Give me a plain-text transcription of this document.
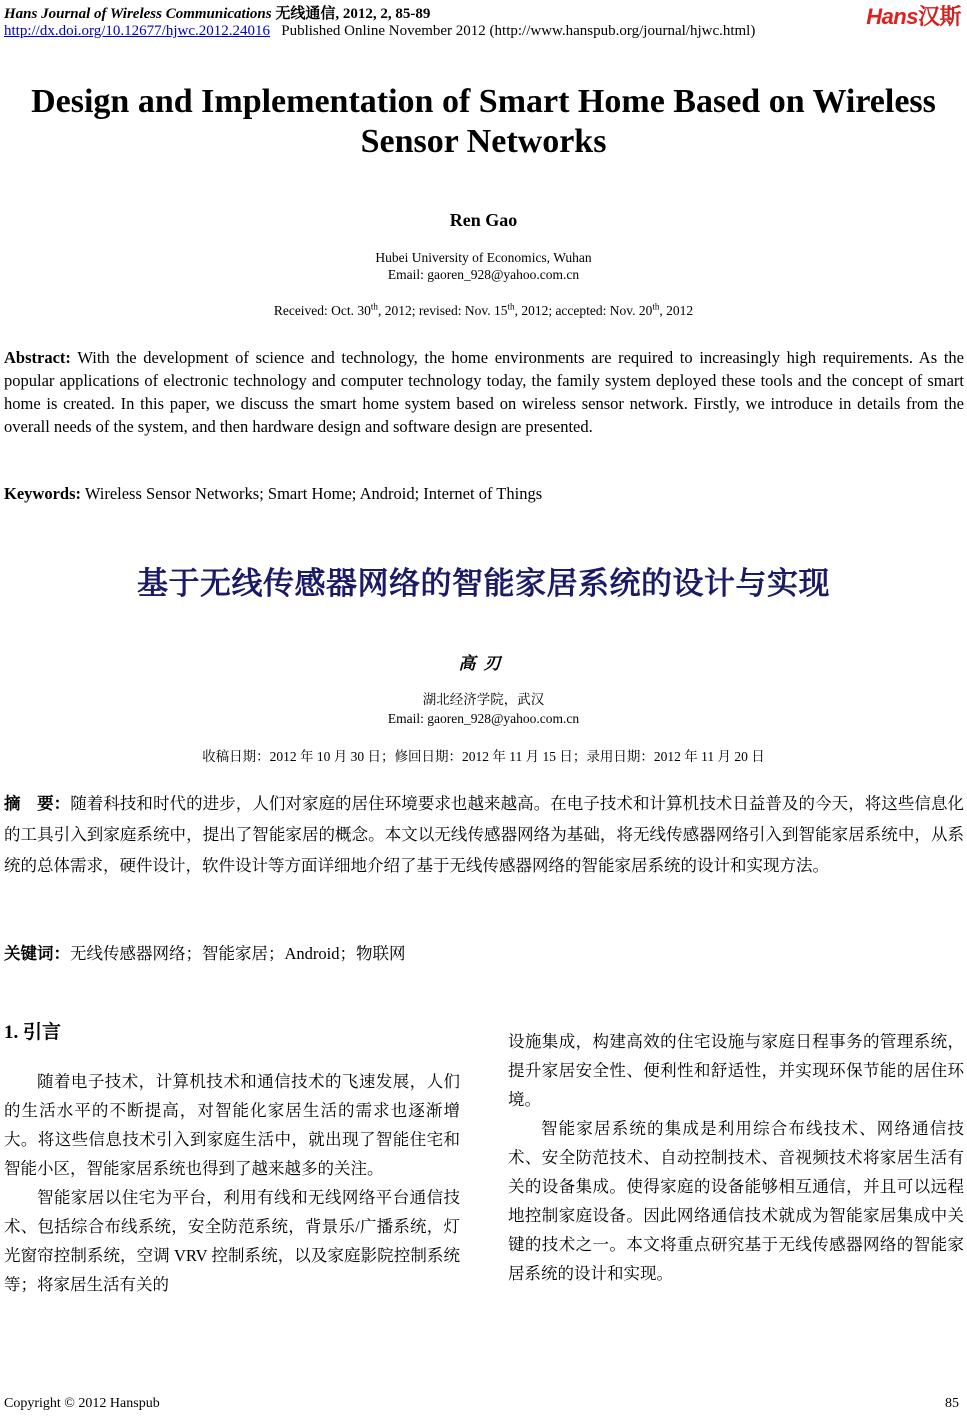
Hans Journal of Wireless Communications 无线通信, 2012, 2, 85-89
http://dx.doi.org/10.12677/hjwc.2012.24016 Published Online November 2012 (http://www.hanspub.org/journal/hjwc.html)
Hans汉斯
Design and Implementation of Smart Home Based on Wireless
Sensor Networks
Ren Gao
Hubei University of Economics, Wuhan
Email: gaoren_928@yahoo.com.cn
Received: Oct. 30th, 2012; revised: Nov. 15th, 2012; accepted: Nov. 20th, 2012
Abstract: With the development of science and technology, the home environments are required to increasingly high requirements. As the popular applications of electronic technology and computer technology today, the family system deployed these tools and the concept of smart home is created. In this paper, we discuss the smart home system based on wireless sensor network. Firstly, we introduce in details from the overall needs of the system, and then hardware design and software design are presented.
Keywords: Wireless Sensor Networks; Smart Home; Android; Internet of Things
基于无线传感器网络的智能家居系统的设计与实现
高刃
湖北经济学院，武汉
Email: gaoren_928@yahoo.com.cn
收稿日期：2012 年 10 月 30 日；修回日期：2012 年 11 月 15 日；录用日期：2012 年 11 月 20 日
摘　要：随着科技和时代的进步，人们对家庭的居住环境要求也越来越高。在电子技术和计算机技术日益普及的今天，将这些信息化的工具引入到家庭系统中，提出了智能家居的概念。本文以无线传感器网络为基础，将无线传感器网络引入到智能家居系统中，从系统的总体需求，硬件设计，软件设计等方面详细地介绍了基于无线传感器网络的智能家居系统的设计和实现方法。
关键词：无线传感器网络；智能家居；Android；物联网
1. 引言

随着电子技术，计算机技术和通信技术的飞速发展，人们的生活水平的不断提高，对智能化家居生活的需求也逐渐增大。将这些信息技术引入到家庭生活中，就出现了智能住宅和智能小区，智能家居系统也得到了越来越多的关注。

智能家居以住宅为平台，利用有线和无线网络平台通信技术、包括综合布线系统，安全防范系统，背景乐/广播系统，灯光窗帘控制系统，空调 VRV 控制系统，以及家庭影院控制系统等；将家居生活有关的

设施集成，构建高效的住宅设施与家庭日程事务的管理系统，提升家居安全性、便利性和舒适性，并实现环保节能的居住环境。

智能家居系统的集成是利用综合布线技术、网络通信技术、安全防范技术、自动控制技术、音视频技术将家居生活有关的设备集成。使得家庭的设备能够相互通信，并且可以远程地控制家庭设备。因此网络通信技术就成为智能家居集成中关键的技术之一。本文将重点研究基于无线传感器网络的智能家居系统的设计和实现。

Copyright © 2012 Hanspub	85
